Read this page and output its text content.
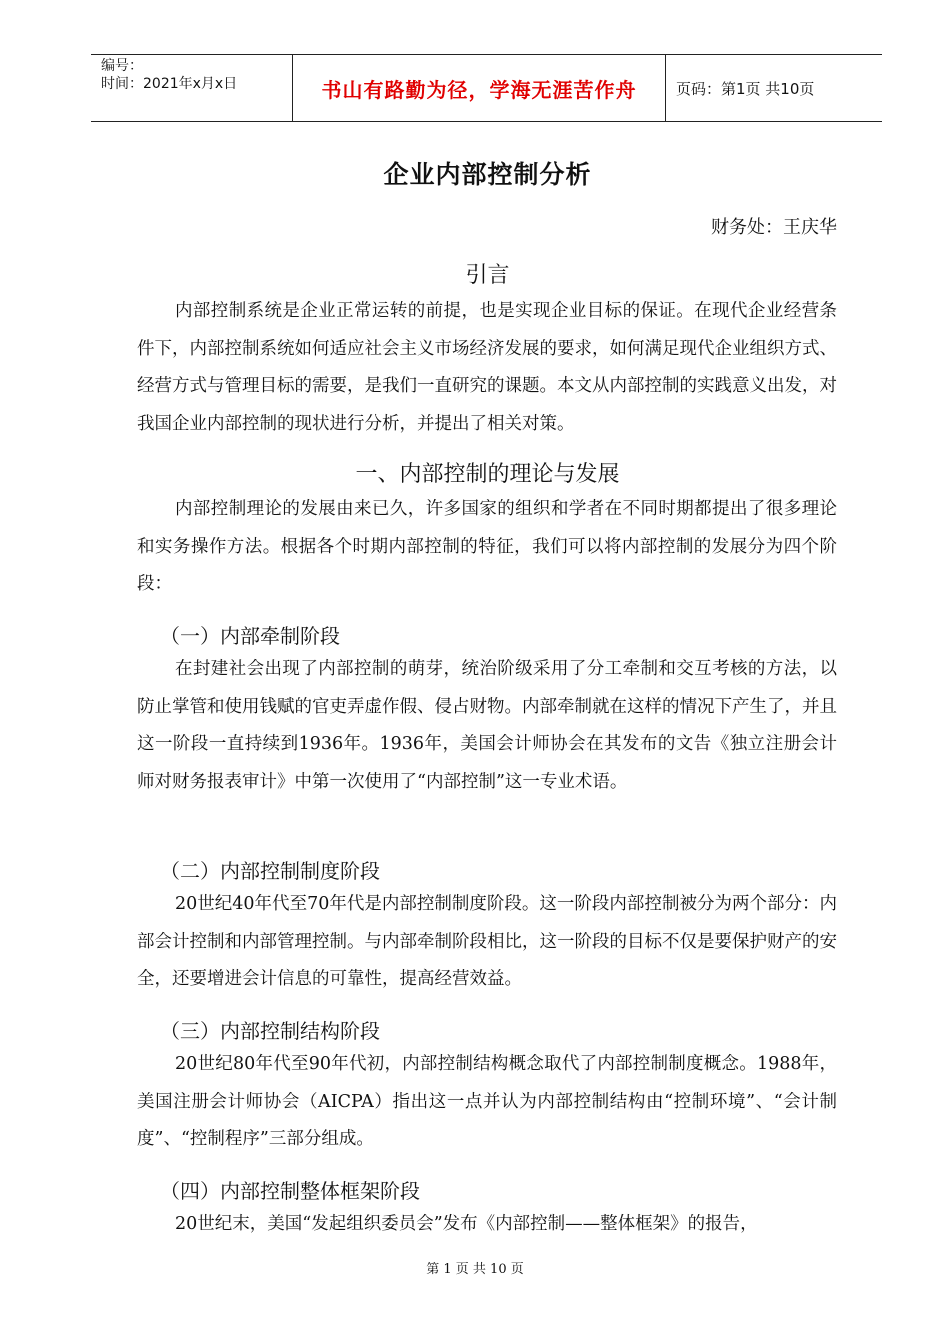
编号：
时间：2021年x月x日	书山有路勤为径，学海无涯苦作舟	页码：第1页 共10页
企业内部控制分析
财务处：王庆华
引言

内部控制系统是企业正常运转的前提，也是实现企业目标的保证。在现代企业经营条件下，内部控制系统如何适应社会主义市场经济发展的要求，如何满足现代企业组织方式、经营方式与管理目标的需要，是我们一直研究的课题。本文从内部控制的实践意义出发，对我国企业内部控制的现状进行分析，并提出了相关对策。

一、内部控制的理论与发展

内部控制理论的发展由来已久，许多国家的组织和学者在不同时期都提出了很多理论和实务操作方法。根据各个时期内部控制的特征，我们可以将内部控制的发展分为四个阶段：

（一）内部牵制阶段

在封建社会出现了内部控制的萌芽，统治阶级采用了分工牵制和交互考核的方法，以防止掌管和使用钱赋的官吏弄虚作假、侵占财物。内部牵制就在这样的情况下产生了，并且这一阶段一直持续到1936年。1936年，美国会计师协会在其发布的文告《独立注册会计师对财务报表审计》中第一次使用了“内部控制”这一专业术语。

（二）内部控制制度阶段

20世纪40年代至70年代是内部控制制度阶段。这一阶段内部控制被分为两个部分：内部会计控制和内部管理控制。与内部牵制阶段相比，这一阶段的目标不仅是要保护财产的安全，还要增进会计信息的可靠性，提高经营效益。

（三）内部控制结构阶段

20世纪80年代至90年代初，内部控制结构概念取代了内部控制制度概念。1988年，美国注册会计师协会（AICPA）指出这一点并认为内部控制结构由“控制环境”、“会计制度”、“控制程序”三部分组成。

（四）内部控制整体框架阶段

20世纪末，美国“发起组织委员会”发布《内部控制——整体框架》的报告，

第 1 页 共 10 页
